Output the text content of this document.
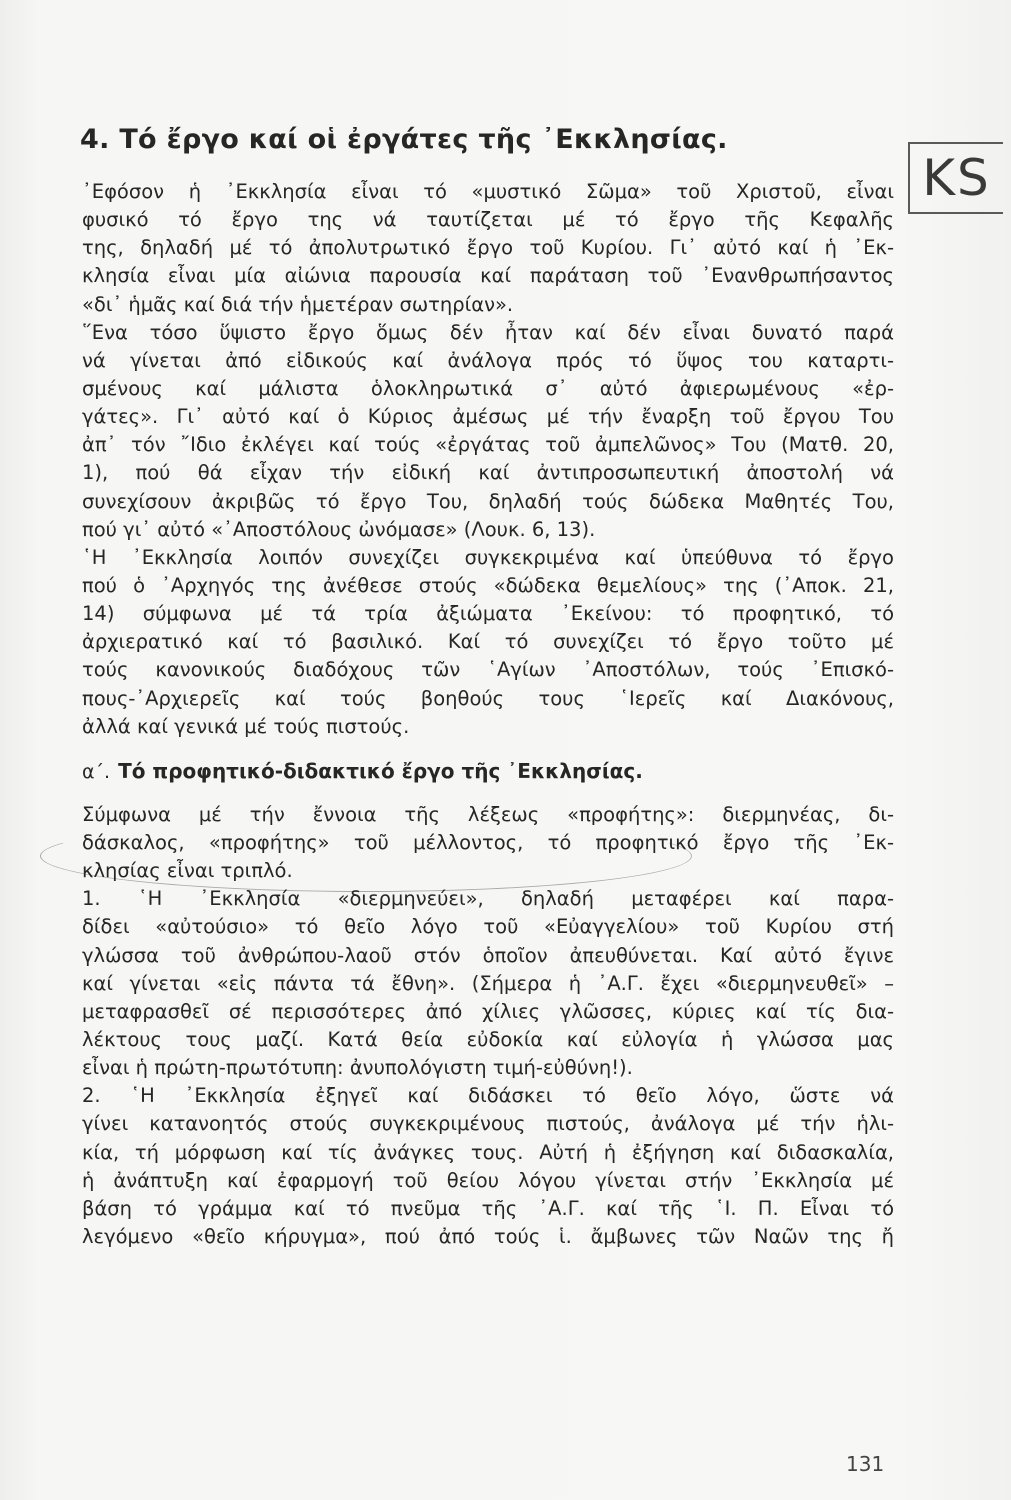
4. Τό ἔργο καί οἱ ἐργάτες τῆς ᾿Εκκλησίας.
KS
᾿Εφόσον ἡ ᾿Εκκλησία εἶναι τό «μυστικό Σῶμα» τοῦ Χριστοῦ, εἶναι
φυσικό τό ἔργο της νά ταυτίζεται μέ τό ἔργο τῆς Κεφαλῆς
της, δηλαδή μέ τό ἀπολυτρωτικό ἔργο τοῦ Κυρίου. Γι᾿ αὐτό καί ἡ ᾿Εκ-
κλησία εἶναι μία αἰώνια παρουσία καί παράταση τοῦ ᾿Ενανθρωπήσαντος
«δι᾿ ἡμᾶς καί διά τήν ἡμετέραν σωτηρίαν».
῞Ενα τόσο ὕψιστο ἔργο ὅμως δέν ἦταν καί δέν εἶναι δυνατό παρά
νά γίνεται ἀπό εἰδικούς καί ἀνάλογα πρός τό ὕψος του καταρτι-
σμένους καί μάλιστα ὁλοκληρωτικά σ᾿ αὐτό ἀφιερωμένους «ἐρ-
γάτες». Γι᾿ αὐτό καί ὁ Κύριος ἀμέσως μέ τήν ἔναρξη τοῦ ἔργου Του
ἀπ᾿ τόν ῎Ιδιο ἐκλέγει καί τούς «ἐργάτας τοῦ ἀμπελῶνος» Του (Ματθ. 20,
1), πού θά εἶχαν τήν εἰδική καί ἀντιπροσωπευτική ἀποστολή νά
συνεχίσουν ἀκριβῶς τό ἔργο Του, δηλαδή τούς δώδεκα Μαθητές Του,
πού γι᾿ αὐτό «᾿Αποστόλους ὠνόμασε» (Λουκ. 6, 13).
῾Η ᾿Εκκλησία λοιπόν συνεχίζει συγκεκριμένα καί ὑπεύθυνα τό ἔργο
πού ὁ ᾿Αρχηγός της ἀνέθεσε στούς «δώδεκα θεμελίους» της (᾿Αποκ. 21,
14) σύμφωνα μέ τά τρία ἀξιώματα ᾿Εκείνου: τό προφητικό, τό
ἀρχιερατικό καί τό βασιλικό. Καί τό συνεχίζει τό ἔργο τοῦτο μέ
τούς κανονικούς διαδόχους τῶν ῾Αγίων ᾿Αποστόλων, τούς ᾿Επισκό-
πους-᾿Αρχιερεῖς καί τούς βοηθούς τους ῾Ιερεῖς καί Διακόνους,
ἀλλά καί γενικά μέ τούς πιστούς.
α΄. Τό προφητικό-διδακτικό ἔργο τῆς ᾿Εκκλησίας.
Σύμφωνα μέ τήν ἔννοια τῆς λέξεως «προφήτης»: διερμηνέας, δι-
δάσκαλος, «προφήτης» τοῦ μέλλοντος, τό προφητικό ἔργο τῆς ᾿Εκ-
κλησίας εἶναι τριπλό.
1. ῾Η ᾿Εκκλησία «διερμηνεύει», δηλαδή μεταφέρει καί παρα-
δίδει «αὐτούσιο» τό θεῖο λόγο τοῦ «Εὐαγγελίου» τοῦ Κυρίου στή
γλώσσα τοῦ ἀνθρώπου-λαοῦ στόν ὁποῖον ἀπευθύνεται. Καί αὐτό ἔγινε
καί γίνεται «εἰς πάντα τά ἔθνη». (Σήμερα ἡ ᾿Α.Γ. ἔχει «διερμηνευθεῖ» –
μεταφρασθεῖ σέ περισσότερες ἀπό χίλιες γλῶσσες, κύριες καί τίς δια-
λέκτους τους μαζί. Κατά θεία εὐδοκία καί εὐλογία ἡ γλώσσα μας
εἶναι ἡ πρώτη-πρωτότυπη: ἀνυπολόγιστη τιμή-εὐθύνη!).
2. ῾Η ᾿Εκκλησία ἐξηγεῖ καί διδάσκει τό θεῖο λόγο, ὥστε νά
γίνει κατανοητός στούς συγκεκριμένους πιστούς, ἀνάλογα μέ τήν ἡλι-
κία, τή μόρφωση καί τίς ἀνάγκες τους. Αὐτή ἡ ἐξήγηση καί διδασκαλία,
ἡ ἀνάπτυξη καί ἐφαρμογή τοῦ θείου λόγου γίνεται στήν ᾿Εκκλησία μέ
βάση τό γράμμα καί τό πνεῦμα τῆς ᾿Α.Γ. καί τῆς ῾Ι. Π. Εἶναι τό
λεγόμενο «θεῖο κήρυγμα», πού ἀπό τούς ἱ. ἄμβωνες τῶν Ναῶν της ἤ
131
